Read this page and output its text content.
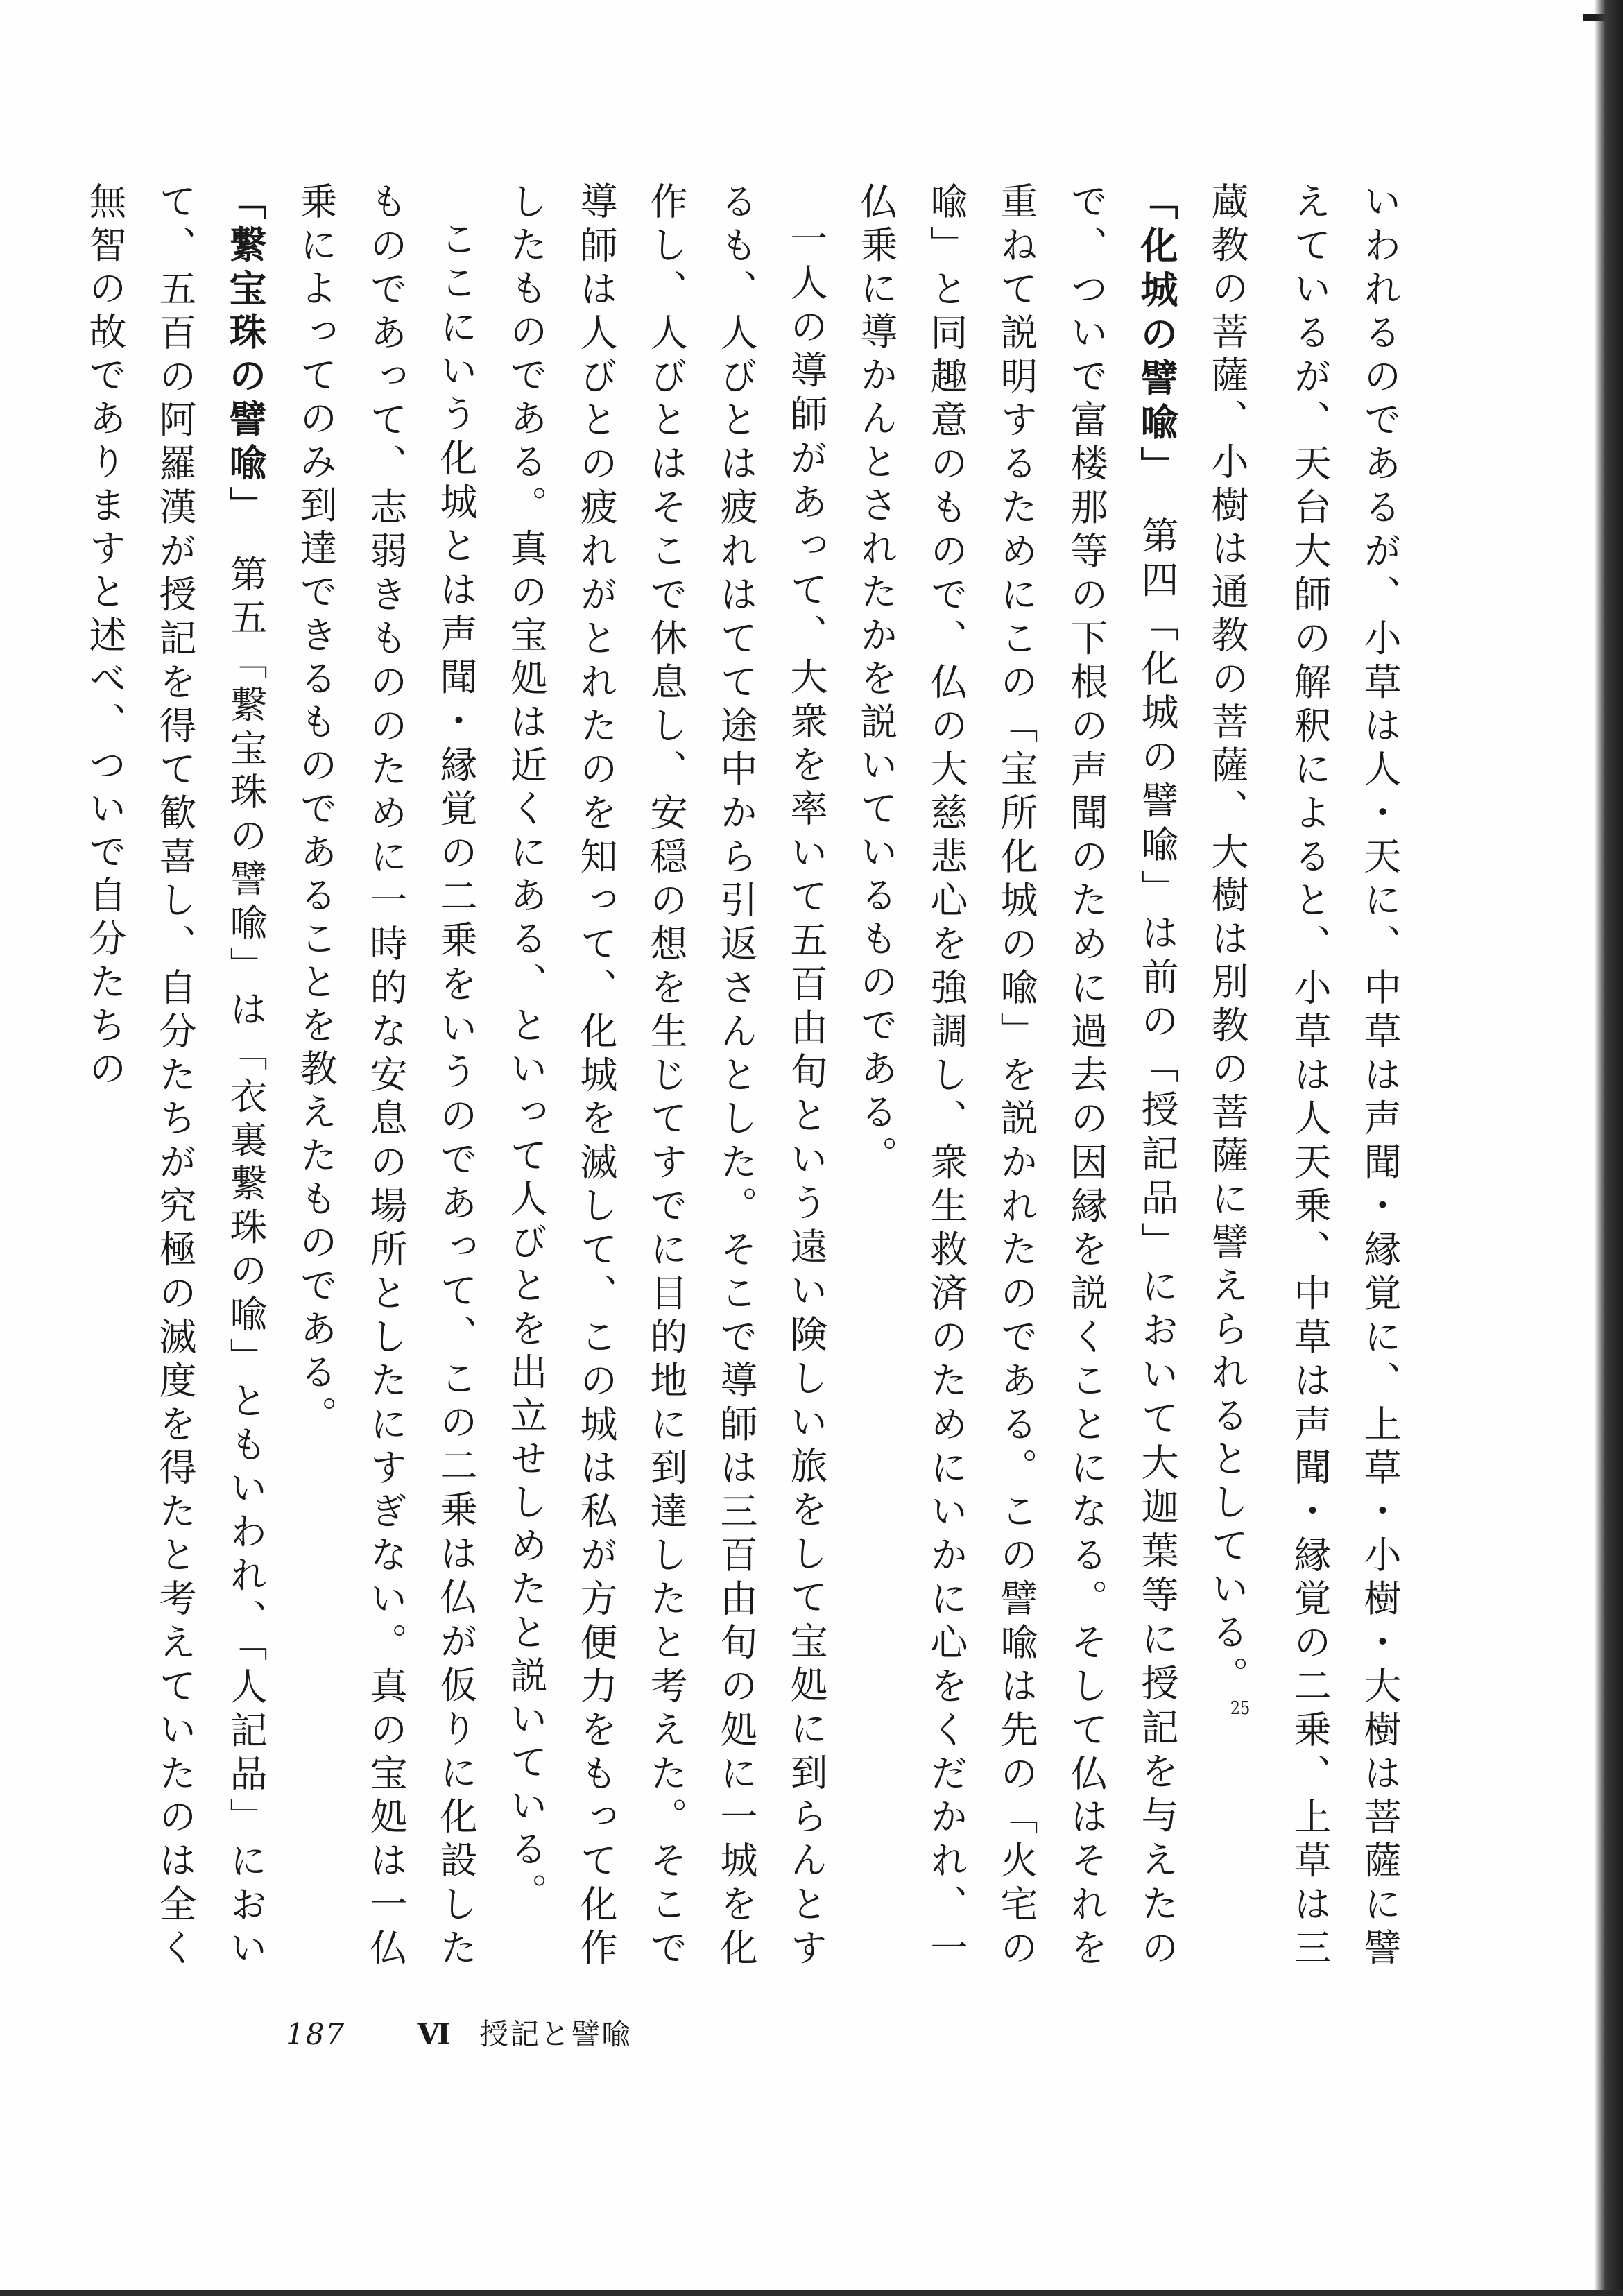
いわれるのであるが、小草は人・天に、中草は声聞・縁覚に、上草・小樹・大樹は菩薩に譬えているが、天台大師の解釈によると、小草は人天乗、中草は声聞・縁覚の二乗、上草は三蔵教の菩薩、小樹は通教の菩薩、大樹は別教の菩薩に譬えられるとしている。$^{25}$

「化城の譬喩」　第四「化城の譬喩」は前の「授記品」において大迦葉等に授記を与えたので、ついで富楼那等の下根の声聞のために過去の因縁を説くことになる。そして仏はそれを重ねて説明するためにこの「宝所化城の喩」を説かれたのである。この譬喩は先の「火宅の喩」と同趣意のもので、仏の大慈悲心を強調し、衆生救済のためにいかに心をくだかれ、一仏乗に導かんとされたかを説いているものである。

一人の導師があって、大衆を率いて五百由旬という遠い険しい旅をして宝処に到らんとするも、人びとは疲れはてて途中から引返さんとした。そこで導師は三百由旬の処に一城を化作し、人びとはそこで休息し、安穏の想を生じてすでに目的地に到達したと考えた。そこで導師は人びとの疲れがとれたのを知って、化城を滅して、この城は私が方便力をもって化作したものである。真の宝処は近くにある、といって人びとを出立せしめたと説いている。

ここにいう化城とは声聞・縁覚の二乗をいうのであって、この二乗は仏が仮りに化設したものであって、志弱きもののために一時的な安息の場所としたにすぎない。真の宝処は一仏乗によってのみ到達できるものであることを教えたものである。

「繋宝珠の譬喩」　第五「繋宝珠の譬喩」は「衣裏繋珠の喩」ともいわれ、「人記品」において、五百の阿羅漢が授記を得て歓喜し、自分たちが究極の滅度を得たと考えていたのは全く無智の故でありますと述べ、ついで自分たちの

187 Ⅵ 授記と譬喩
